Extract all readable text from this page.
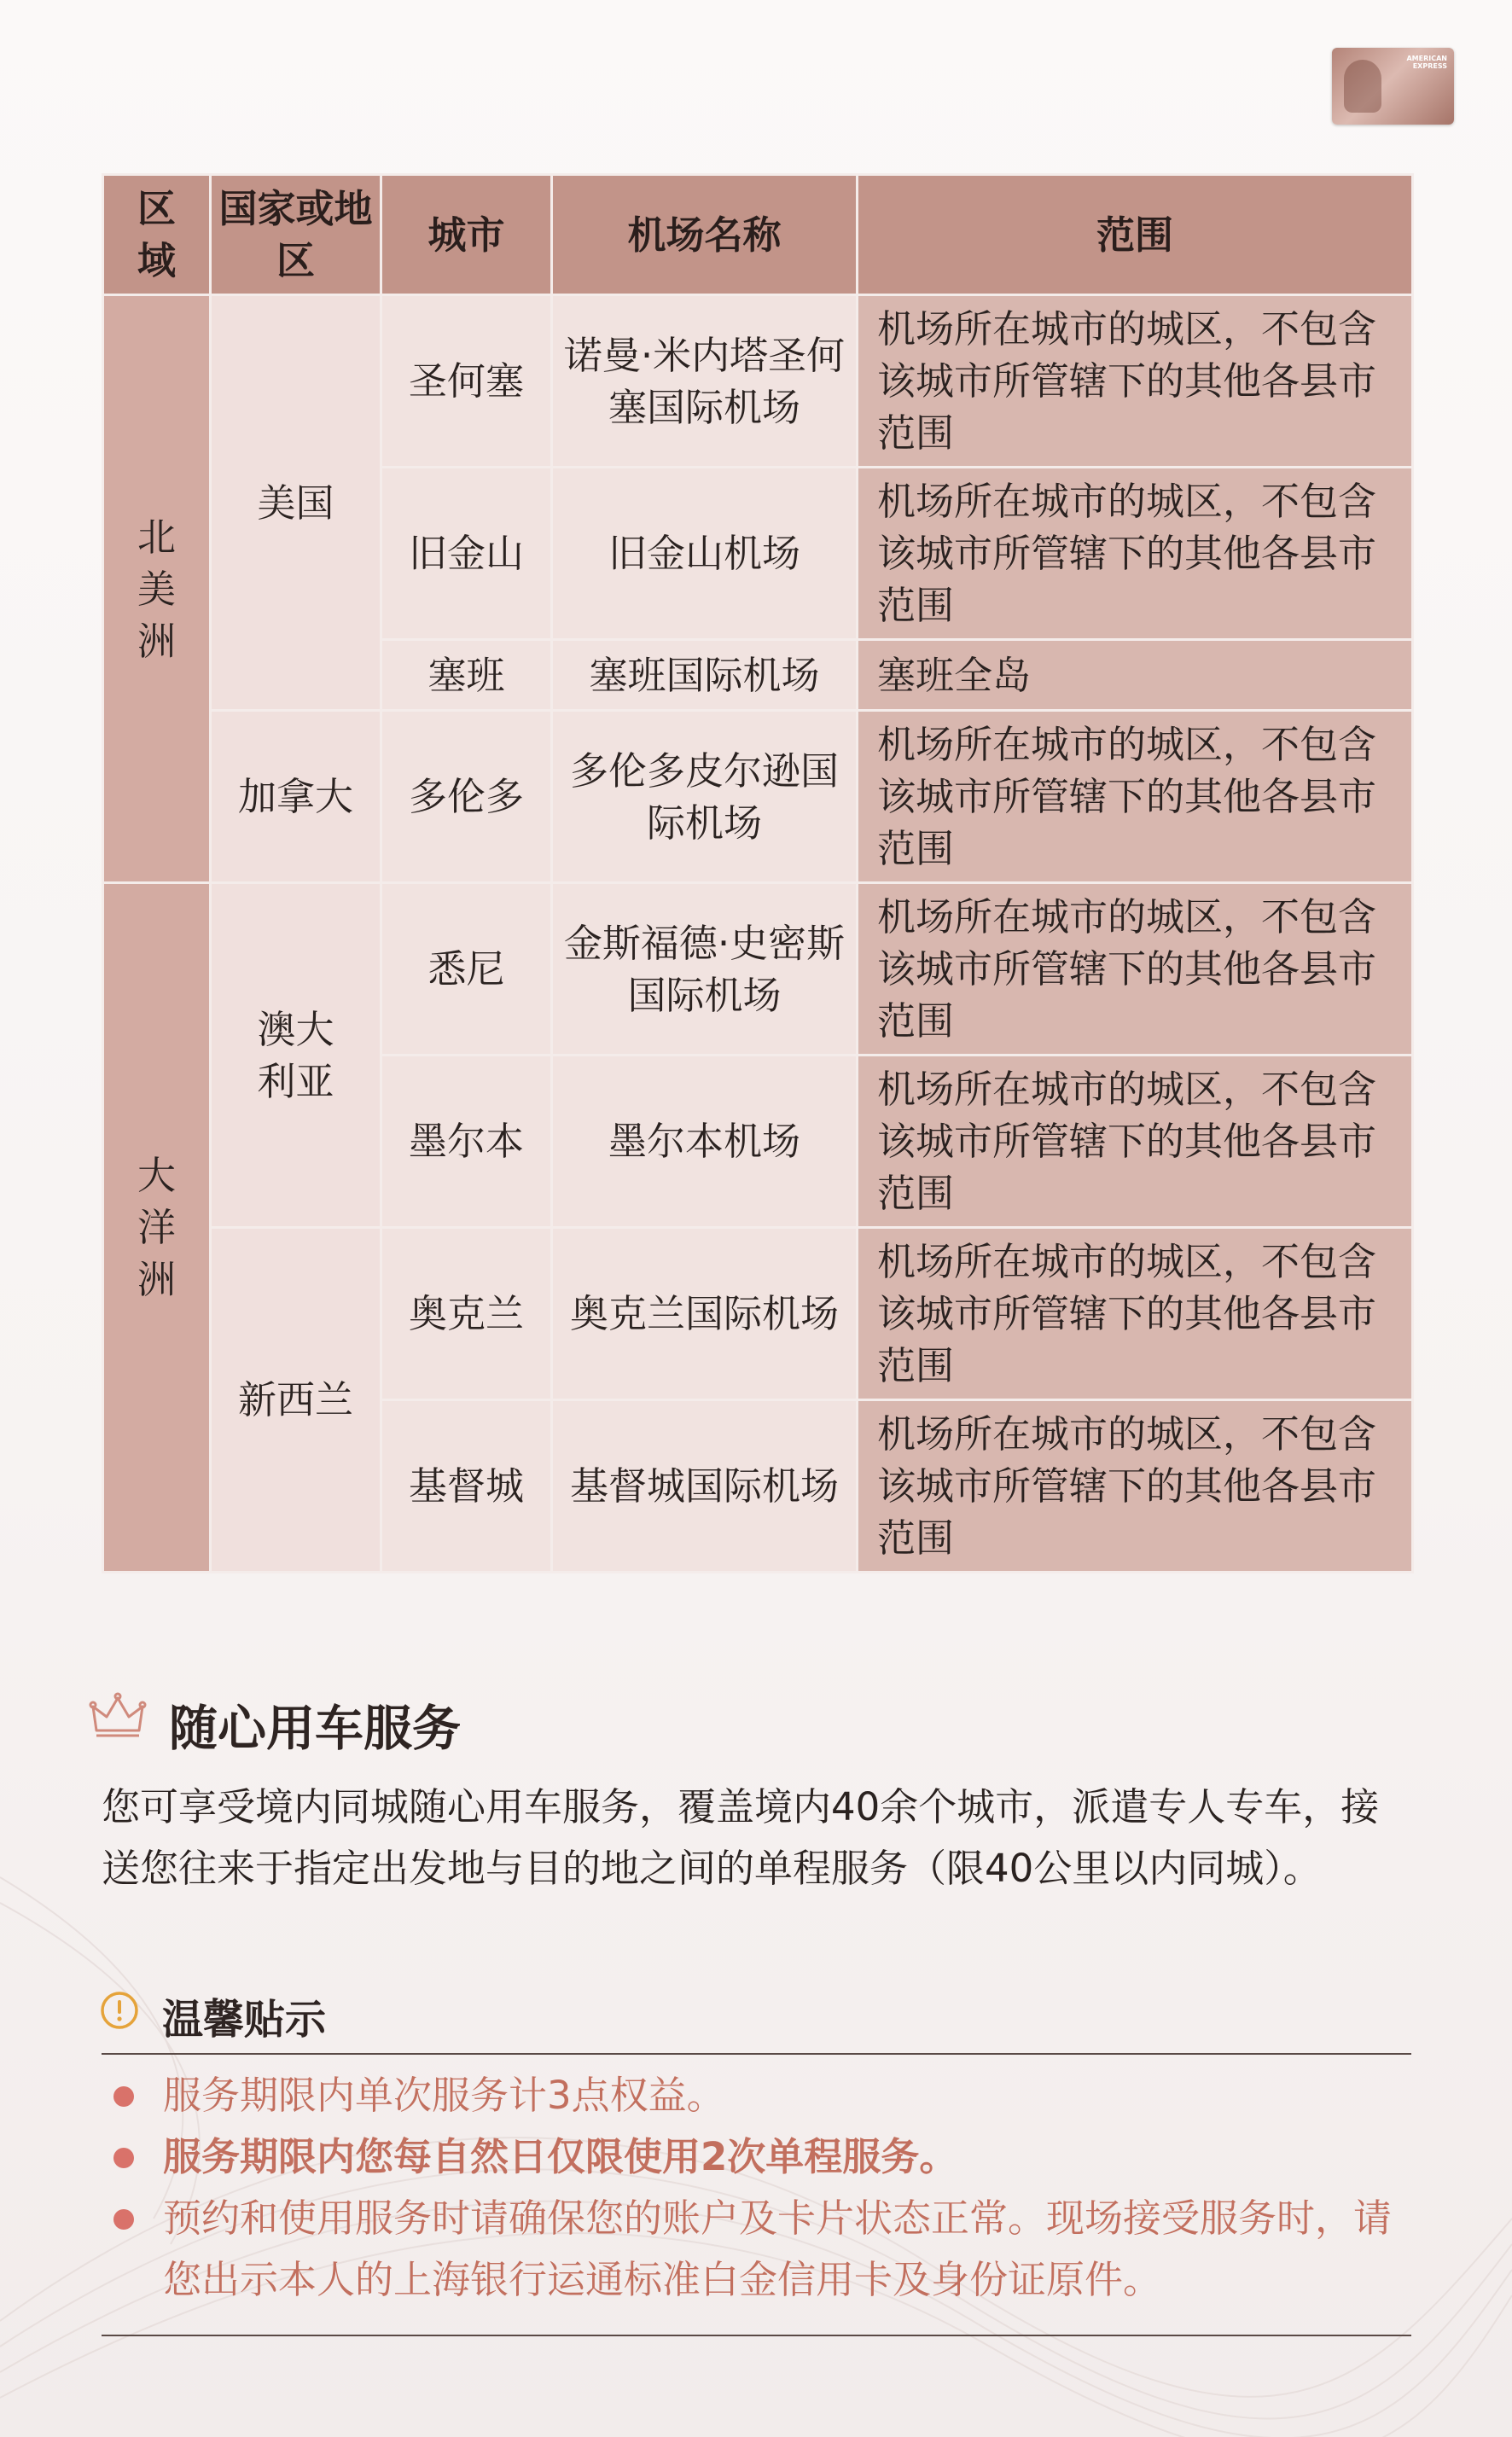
AMERICAN EXPRESS
区域	国家或地区	城市	机场名称	范围

北美洲	美国	圣何塞	诺曼·米内塔圣何塞国际机场	机场所在城市的城区，不包含该城市所管辖下的其他各县市范围
		旧金山	旧金山机场	机场所在城市的城区，不包含该城市所管辖下的其他各县市范围
		塞班	塞班国际机场	塞班全岛
	加拿大	多伦多	多伦多皮尔逊国际机场	机场所在城市的城区，不包含该城市所管辖下的其他各县市范围

大洋洲	澳大利亚	悉尼	金斯福德·史密斯国际机场	机场所在城市的城区，不包含该城市所管辖下的其他各县市范围
		墨尔本	墨尔本机场	机场所在城市的城区，不包含该城市所管辖下的其他各县市范围
	新西兰	奥克兰	奥克兰国际机场	机场所在城市的城区，不包含该城市所管辖下的其他各县市范围
		基督城	基督城国际机场	机场所在城市的城区，不包含该城市所管辖下的其他各县市范围
随心用车服务
您可享受境内同城随心用车服务，覆盖境内40余个城市，派遣专人专车，接送您往来于指定出发地与目的地之间的单程服务（限40公里以内同城）。
温馨贴示
服务期限内单次服务计3点权益。
服务期限内您每自然日仅限使用2次单程服务。
预约和使用服务时请确保您的账户及卡片状态正常。现场接受服务时，请您出示本人的上海银行运通标准白金信用卡及身份证原件。
